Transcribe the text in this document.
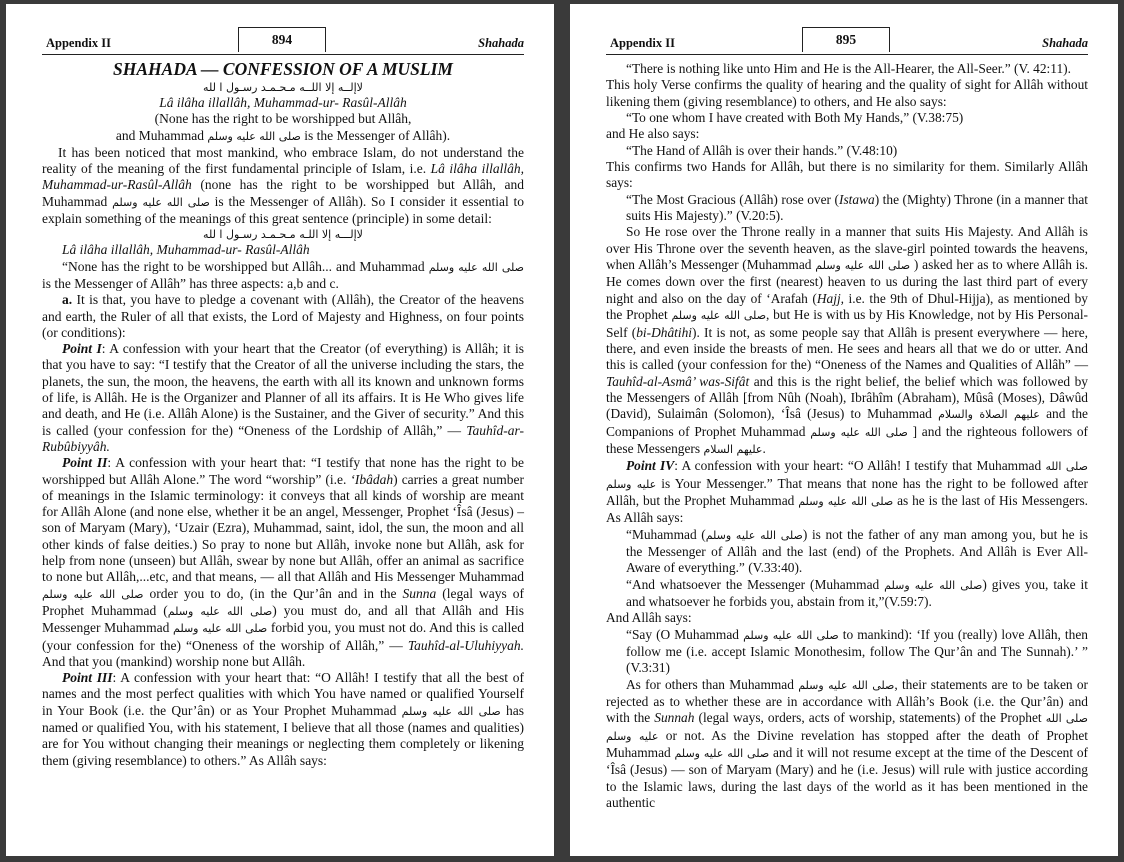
Appendix II	894	Shahada
SHAHADA — CONFESSION OF A MUSLIM
لاإلــه إلا اللــه مـحـمـد رسـول ا لله

Lâ ilâha illallâh, Muhammad-ur- Rasûl-Allâh

(None has the right to be worshipped but Allâh,

and Muhammad صلى الله عليه وسلم is the Messenger of Allâh).

It has been noticed that most mankind, who embrace Islam, do not understand the reality of the meaning of the first fundamental principle of Islam, i.e. Lâ ilâha illallâh, Muhammad-ur-Rasûl-Allâh (none has the right to be worshipped but Allâh, and Muhammad صلى الله عليه وسلم is the Messenger of Allâh). So I consider it essential to explain something of the meanings of this great sentence (principle) in some detail:

لاإلـــه إلا اللـه مـحـمـد رسـول ا لله

Lâ ilâha illallâh, Muhammad-ur- Rasûl-Allâh

“None has the right to be worshipped but Allâh... and Muhammad صلى الله عليه وسلم is the Messenger of Allâh” has three aspects: a,b and c.

a. It is that, you have to pledge a covenant with (Allâh), the Creator of the heavens and earth, the Ruler of all that exists, the Lord of Majesty and Highness, on four points (or conditions):

Point I: A confession with your heart that the Creator (of everything) is Allâh; it is that you have to say: “I testify that the Creator of all the universe including the stars, the planets, the sun, the moon, the heavens, the earth with all its known and unknown forms of life, is Allâh. He is the Organizer and Planner of all its affairs. It is He Who gives life and death, and He (i.e. Allâh Alone) is the Sustainer, and the Giver of security.” And this is called (your confession for the) “Oneness of the Lordship of Allâh,” — Tauhîd-ar-Rubûbiyyâh.

Point II: A confession with your heart that: “I testify that none has the right to be worshipped but Allâh Alone.” The word “worship” (i.e. ‘Ibâdah) carries a great number of meanings in the Islamic terminology: it conveys that all kinds of worship are meant for Allâh Alone (and none else, whether it be an angel, Messenger, Prophet ‘Îsâ (Jesus) – son of Maryam (Mary), ‘Uzair (Ezra), Muhammad, saint, idol, the sun, the moon and all other kinds of false deities.) So pray to none but Allâh, invoke none but Allâh, ask for help from none (unseen) but Allâh, swear by none but Allâh, offer an animal as sacrifice to none but Allâh,...etc, and that means, — all that Allâh and His Messenger Muhammad صلى الله عليه وسلم order you to do, (in the Qur’ân and in the Sunna (legal ways of Prophet Muhammad (صلى الله عليه وسلم) you must do, and all that Allâh and His Messenger Muhammad صلى الله عليه وسلم forbid you, you must not do. And this is called (your confession for the) “Oneness of the worship of Allâh,” — Tauhîd-al-Uluhiyyah. And that you (mankind) worship none but Allâh.

Point III: A confession with your heart that: “O Allâh! I testify that all the best of names and the most perfect qualities with which You have named or qualified Yourself in Your Book (i.e. the Qur’ân) or as Your Prophet Muhammad صلى الله عليه وسلم has named or qualified You, with his statement, I believe that all those (names and qualities) are for You without changing their meanings or neglecting them completely or likening them (giving resemblance) to others.” As Allâh says:

Appendix II	895	Shahada

“There is nothing like unto Him and He is the All-Hearer, the All-Seer.” (V. 42:11).

This holy Verse confirms the quality of hearing and the quality of sight for Allâh without likening them (giving resemblance) to others, and He also says:

“To one whom I have created with Both My Hands,” (V.38:75)

and He also says:

“The Hand of Allâh is over their hands.” (V.48:10)

This confirms two Hands for Allâh, but there is no similarity for them. Similarly Allâh says:

“The Most Gracious (Allâh) rose over (Istawa) the (Mighty) Throne (in a manner that suits His Majesty).” (V.20:5).

So He rose over the Throne really in a manner that suits His Majesty. And Allâh is over His Throne over the seventh heaven, as the slave-girl pointed towards the heavens, when Allâh’s Messenger (Muhammad صلى الله عليه وسلم ) asked her as to where Allâh is. He comes down over the first (nearest) heaven to us during the last third part of every night and also on the day of ‘Arafah (Hajj, i.e. the 9th of Dhul-Hijja), as mentioned by the Prophet صلى الله عليه وسلم, but He is with us by His Knowledge, not by His Personal-Self (bi-Dhâtihi). It is not, as some people say that Allâh is present everywhere — here, there, and even inside the breasts of men. He sees and hears all that we do or utter. And this is called (your confession for the) “Oneness of the Names and Qualities of Allâh” — Tauhîd-al-Asmâ’ was-Sifât and this is the right belief, the belief which was followed by the Messengers of Allâh [from Nûh (Noah), Ibrâhîm (Abraham), Mûsâ (Moses), Dâwûd (David), Sulaimân (Solomon), ‘Îsâ (Jesus) to Muhammad عليهم الصلاة والسلام and the Companions of Prophet Muhammad صلى الله عليه وسلم ] and the righteous followers of these Messengers عليهم السلام.

Point IV: A confession with your heart: “O Allâh! I testify that Muhammad صلى الله عليه وسلم is Your Messenger.” That means that none has the right to be followed after Allâh, but the Prophet Muhammad صلى الله عليه وسلم as he is the last of His Messengers. As Allâh says:

“Muhammad (صلى الله عليه وسلم) is not the father of any man among you, but he is the Messenger of Allâh and the last (end) of the Prophets. And Allâh is Ever All-Aware of everything.” (V.33:40).

“And whatsoever the Messenger (Muhammad صلى الله عليه وسلم) gives you, take it and whatsoever he forbids you, abstain from it,”(V.59:7).

And Allâh says:

“Say (O Muhammad صلى الله عليه وسلم to mankind): ‘If you (really) love Allâh, then follow me (i.e. accept Islamic Monothesim, follow The Qur’ân and The Sunnah).’ ” (V.3:31)

As for others than Muhammad صلى الله عليه وسلم, their statements are to be taken or rejected as to whether these are in accordance with Allâh’s Book (i.e. the Qur’ân) and with the Sunnah (legal ways, orders, acts of worship, statements) of the Prophet صلى الله عليه وسلم or not. As the Divine revelation has stopped after the death of Prophet Muhammad صلى الله عليه وسلم and it will not resume except at the time of the Descent of ‘Îsâ (Jesus) — son of Maryam (Mary) and he (i.e. Jesus) will rule with justice according to the Islamic laws, during the last days of the world as it has been mentioned in the authentic
